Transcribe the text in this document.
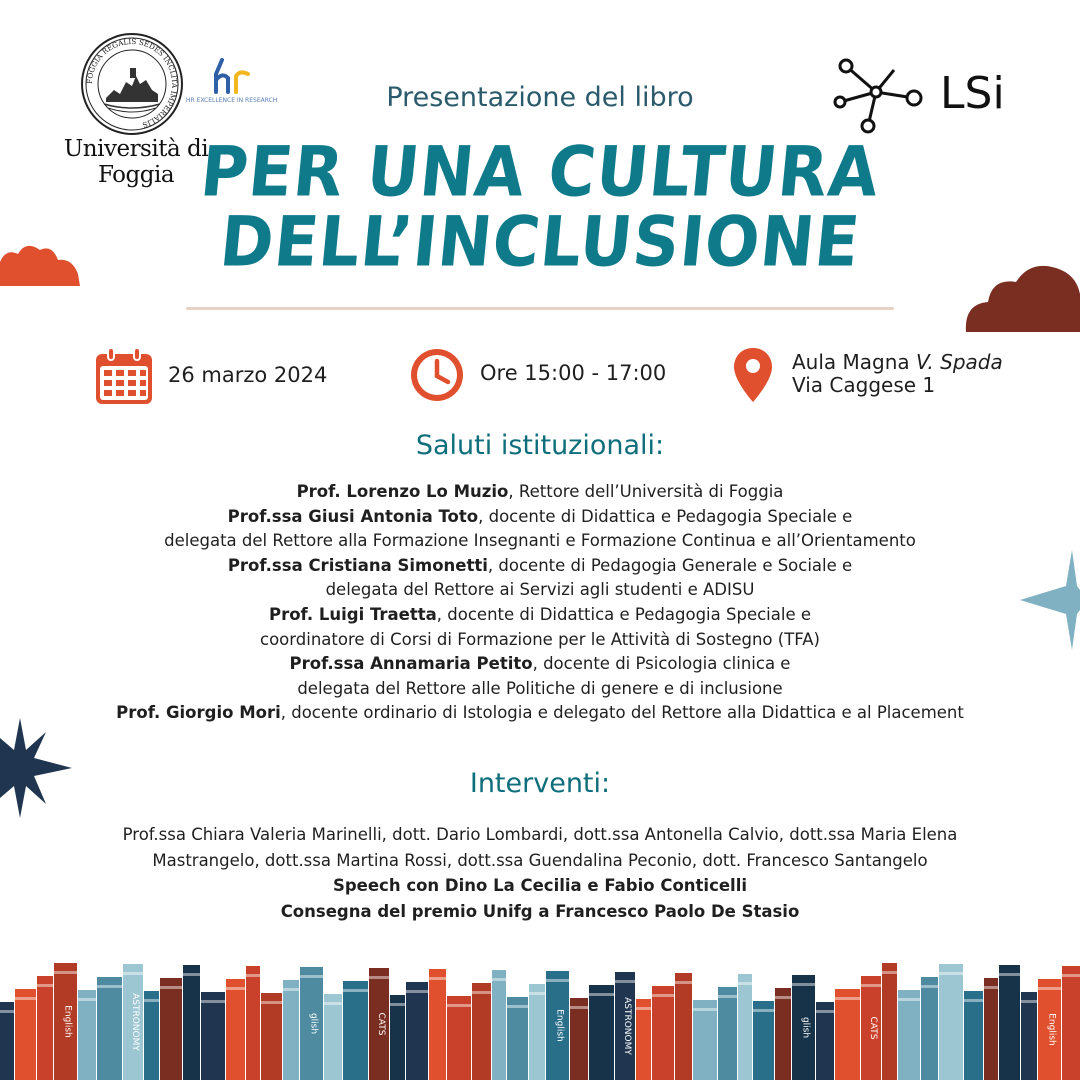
FOGGIA REGALIS SEDES INCLITA IMPERIALIS
Università di Foggia
HR EXCELLENCE IN RESEARCH	LSi
Presentazione del libro
PER UNA CULTURA
DELL’INCLUSIONE
26 marzo 2024	Ore 15:00 - 17:00	Aula Magna V. Spada
Via Caggese 1
Saluti istituzionali:
Prof. Lorenzo Lo Muzio, Rettore dell’Università di Foggia
Prof.ssa Giusi Antonia Toto, docente di Didattica e Pedagogia Speciale e
delegata del Rettore alla Formazione Insegnanti e Formazione Continua e all’Orientamento
Prof.ssa Cristiana Simonetti, docente di Pedagogia Generale e Sociale e
delegata del Rettore ai Servizi agli studenti e ADISU
Prof. Luigi Traetta, docente di Didattica e Pedagogia Speciale e
coordinatore di Corsi di Formazione per le Attività di Sostegno (TFA)
Prof.ssa Annamaria Petito, docente di Psicologia clinica e
delegata del Rettore alle Politiche di genere e di inclusione
Prof. Giorgio Mori, docente ordinario di Istologia e delegato del Rettore alla Didattica e al Placement
Interventi:
Prof.ssa Chiara Valeria Marinelli, dott. Dario Lombardi, dott.ssa Antonella Calvio, dott.ssa Maria Elena
Mastrangelo, dott.ssa Martina Rossi, dott.ssa Guendalina Peconio, dott. Francesco Santangelo
Speech con Dino La Cecilia e Fabio Conticelli
Consegna del premio Unifg a Francesco Paolo De Stasio
English	ASTRONOMY	glish	CATS	English	ASTRONOMY	glish	CATS	English
